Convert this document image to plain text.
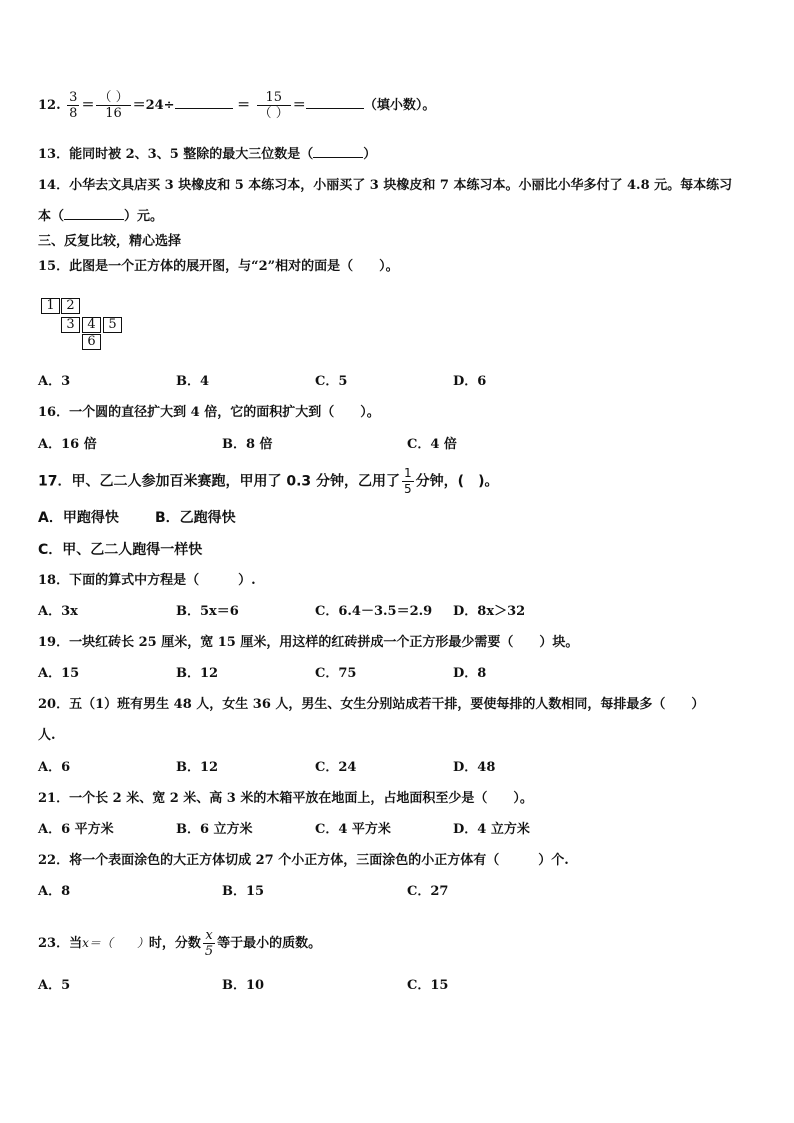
12. $\frac{3}{8} = \frac{( )}{16} =24\div$	＝ $\frac{15}{( )}$ ＝	（填小数）。
13．能同时被 2、3、5 整除的最大三位数是（	）
14．小华去文具店买 3 块橡皮和 5 本练习本，小丽买了 3 块橡皮和 7 本练习本。小丽比小华多付了 4.8 元。每本练习
本（	）元。
三、反复比较，精心选择
15．此图是一个正方体的展开图，与“2”相对的面是（　　）。
1 2
3 4 5
6
A．3	B．4	C．5	D．6
16．一个圆的直径扩大到 4 倍，它的面积扩大到（　　）。
A．16 倍	B．8 倍	C．4 倍
17．甲、乙二人参加百米赛跑，甲用了 0.3 分钟，乙用了 $\frac{1}{5}$ 分钟，(　)。
A．甲跑得快	B．乙跑得快
C．甲、乙二人跑得一样快
18．下面的算式中方程是（　　　）.
A．3x	B．5x＝6	C．6.4－3.5＝2.9 D．8x＞32
19．一块红砖长 25 厘米，宽 15 厘米，用这样的红砖拼成一个正方形最少需要（　　）块。
A．15	B．12	C．75	D．8
20．五（1）班有男生 48 人，女生 36 人，男生、女生分别站成若干排，要使每排的人数相同，每排最多（　　）
人.
A．6	B．12	C．24	D．48
21．一个长 2 米、宽 2 米、高 3 米的木箱平放在地面上，占地面积至少是（　　）。
A．6 平方米	B．6 立方米	C．4 平方米	D．4 立方米
22．将一个表面涂色的大正方体切成 27 个小正方体，三面涂色的小正方体有（　　　）个.
A．8	B．15	C．27
23．当x＝（　　）时，分数 $\frac{x}{5}$ 等于最小的质数。
A．5	B．10	C．15
